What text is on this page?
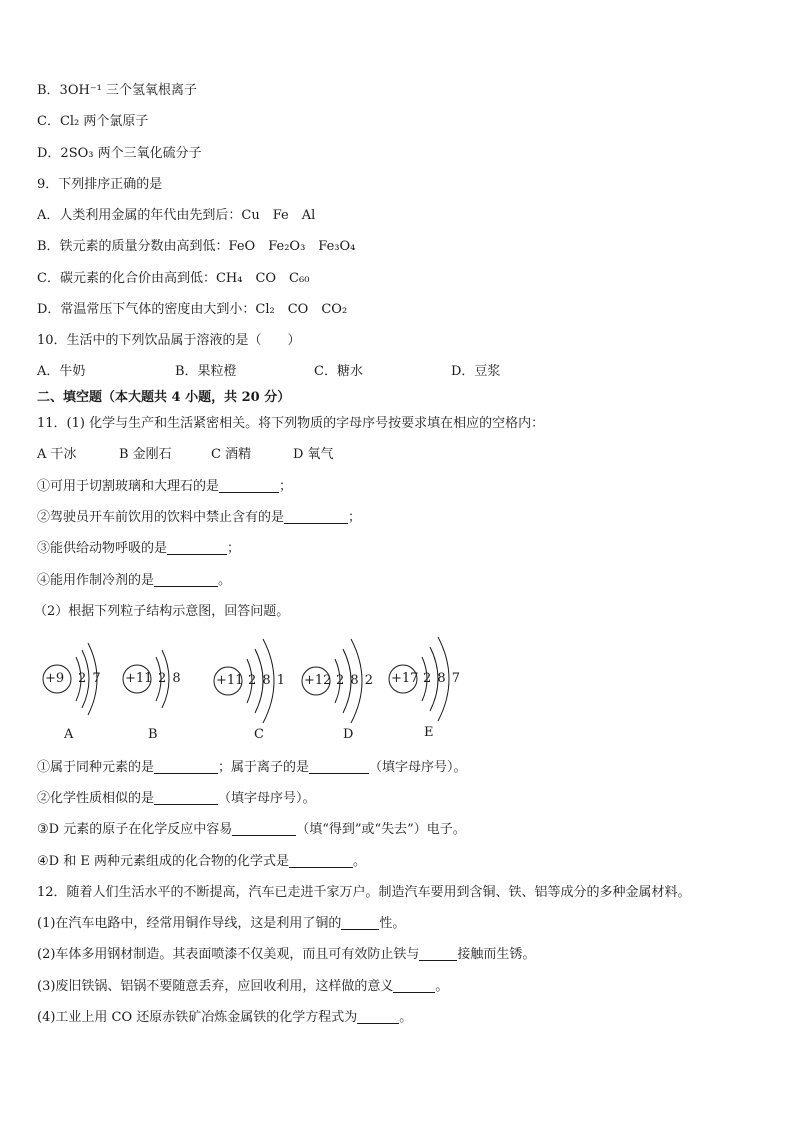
B．3OH⁻¹ 三个氢氧根离子
C．Cl₂ 两个氯原子
D．2SO₃ 两个三氧化硫分子
9．下列排序正确的是
A．人类利用金属的年代由先到后：Cu　Fe　Al
B．铁元素的质量分数由高到低：FeO　Fe₂O₃　Fe₃O₄
C．碳元素的化合价由高到低：CH₄　CO　C₆₀
D．常温常压下气体的密度由大到小：Cl₂　CO　CO₂
10．生活中的下列饮品属于溶液的是（　　）
A．牛奶	B．果粒橙	C．糖水	D．豆浆
二、填空题（本大题共 4 小题，共 20 分）
11．(1) 化学与生产和生活紧密相关。将下列物质的字母序号按要求填在相应的空格内：
A 干冰	B 金刚石	C 酒精	D 氧气
①可用于切割玻璃和大理石的是	；
②驾驶员开车前饮用的饮料中禁止含有的是	；
③能供给动物呼吸的是	；
④能用作制冷剂的是	。
（2）根据下列粒子结构示意图，回答问题。
+9 2 7
A
+11 2 8
B
+11 2 8 1
C
+12 2 8 2
D
+17 2 8 7
E
①属于同种元素的是	；属于离子的是	（填字母序号）。
②化学性质相似的是	（填字母序号）。
③D 元素的原子在化学反应中容易	（填“得到”或“失去”）电子。
④D 和 E 两种元素组成的化合物的化学式是	。
12．随着人们生活水平的不断提高，汽车已走进千家万户。制造汽车要用到含铜、铁、铝等成分的多种金属材料。
(1)在汽车电路中，经常用铜作导线，这是利用了铜的	性。
(2)车体多用钢材制造。其表面喷漆不仅美观，而且可有效防止铁与	接触而生锈。
(3)废旧铁锅、铝锅不要随意丢弃，应回收利用，这样做的意义	。
(4)工业上用 CO 还原赤铁矿冶炼金属铁的化学方程式为	。
